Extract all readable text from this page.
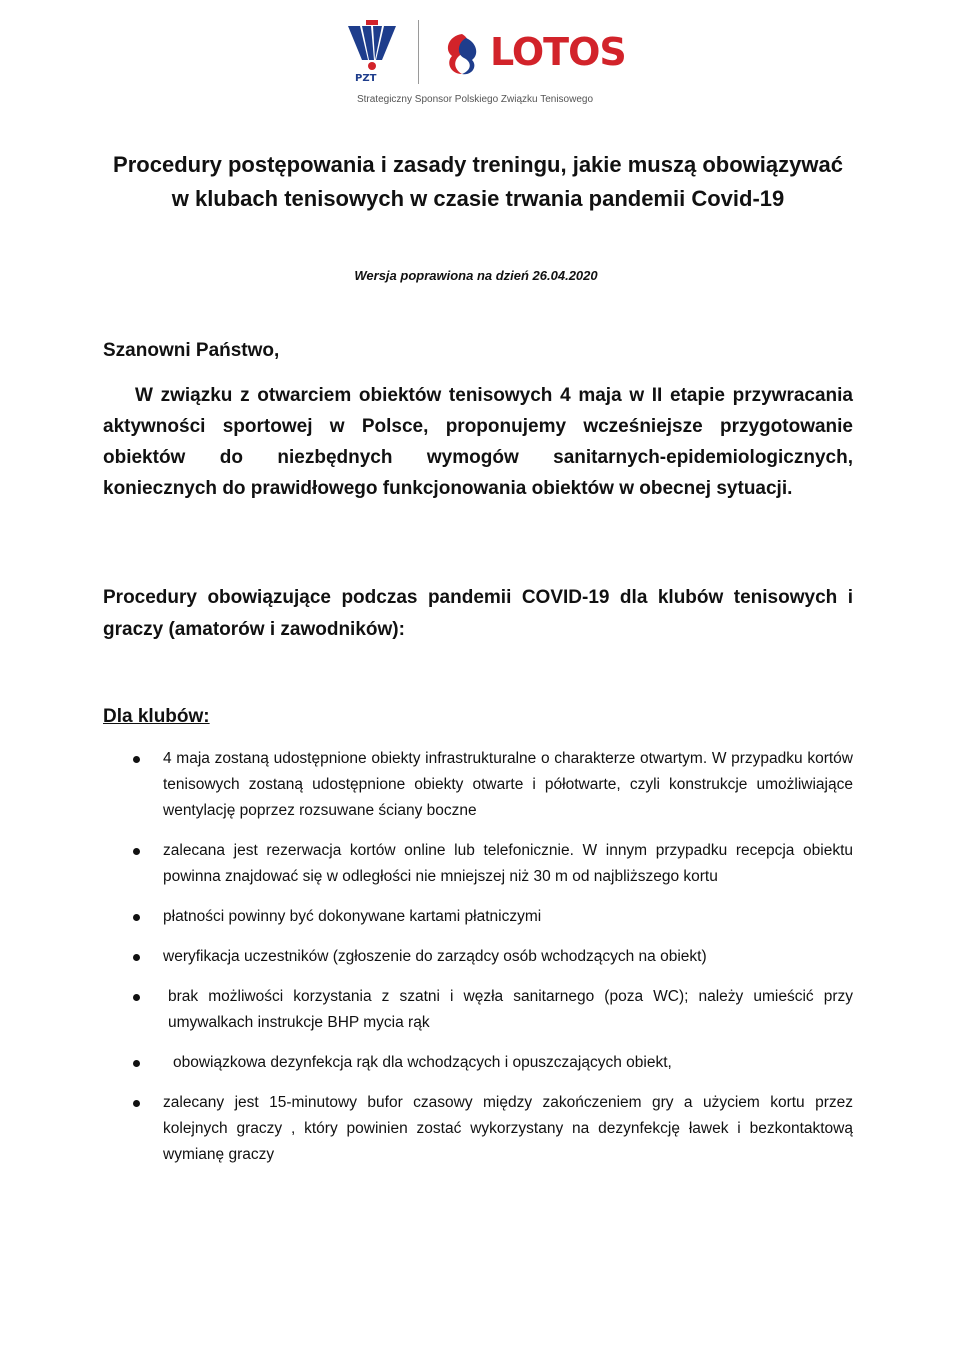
LOTOS
PZT
Strategiczny Sponsor Polskiego Związku Tenisowego
Procedury postępowania i zasady treningu, jakie muszą obowiązywać w klubach tenisowych w czasie trwania pandemii Covid-19
Wersja poprawiona na dzień 26.04.2020
Szanowni Państwo,
W związku z otwarciem obiektów tenisowych 4 maja w II etapie przywracania aktywności sportowej w Polsce, proponujemy wcześniejsze przygotowanie obiektów do niezbędnych wymogów sanitarnych-epidemiologicznych, koniecznych do prawidłowego funkcjonowania obiektów w obecnej sytuacji.
Procedury obowiązujące podczas pandemii COVID-19 dla klubów tenisowych i graczy (amatorów i zawodników):
Dla klubów:
4 maja zostaną udostępnione obiekty infrastrukturalne o charakterze otwartym. W przypadku kortów tenisowych zostaną udostępnione obiekty otwarte i półotwarte, czyli konstrukcje umożliwiające wentylację poprzez rozsuwane ściany boczne
zalecana jest rezerwacja kortów online lub telefonicznie. W innym przypadku recepcja obiektu powinna znajdować się w odległości nie mniejszej niż 30 m od najbliższego kortu
płatności powinny być dokonywane kartami płatniczymi
weryfikacja uczestników (zgłoszenie do zarządcy osób wchodzących na obiekt)
brak możliwości korzystania z szatni i węzła sanitarnego (poza WC); należy umieścić przy umywalkach instrukcje BHP mycia rąk
obowiązkowa dezynfekcja rąk dla wchodzących i opuszczających obiekt,
zalecany jest 15-minutowy bufor czasowy między zakończeniem gry a użyciem kortu przez kolejnych graczy , który powinien zostać wykorzystany na dezynfekcję ławek i bezkontaktową wymianę graczy
